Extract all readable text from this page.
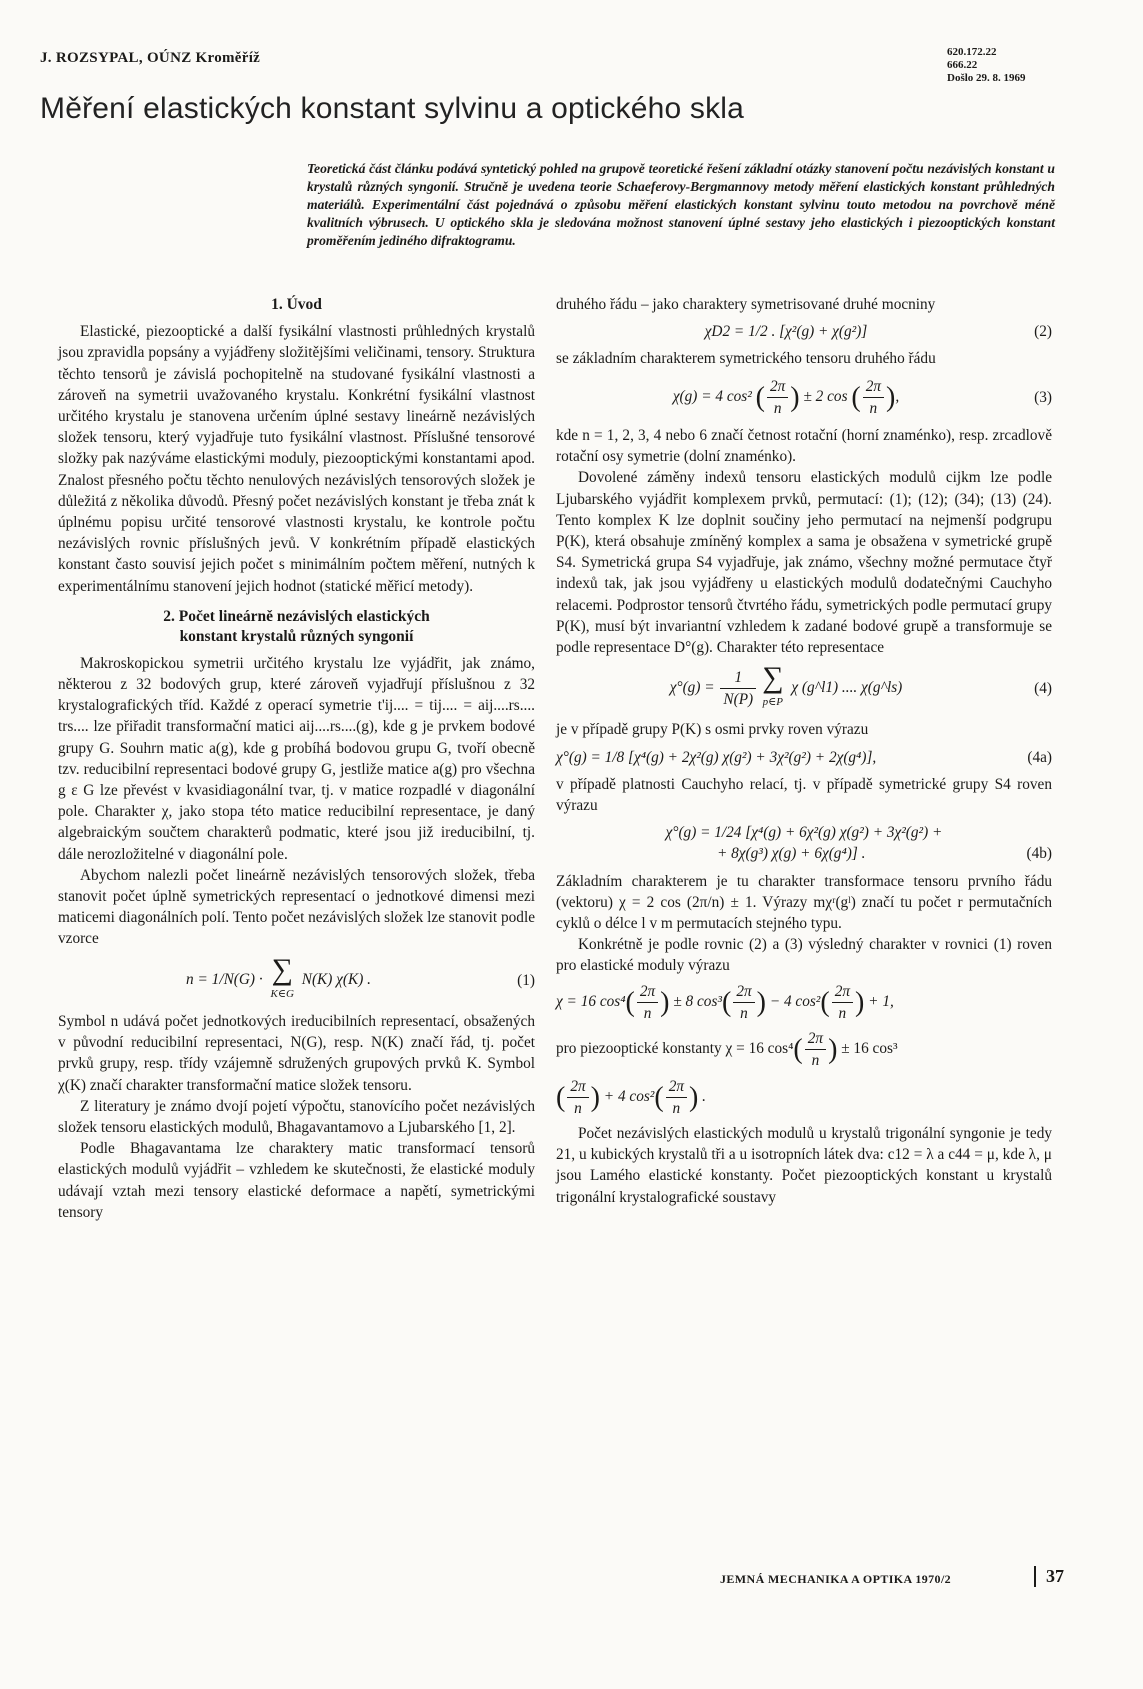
J. ROZSYPAL, OÚNZ Kroměříž	620.172.22
666.22
Došlo 29. 8. 1969
Měření elastických konstant sylvinu a optického skla
Teoretická část článku podává syntetický pohled na grupově teoretické řešení základní otázky stanovení počtu nezávislých konstant u krystalů různých syngonií. Stručně je uvedena teorie Schaeferovy-Bergmannovy metody měření elastických konstant průhledných materiálů. Experimentální část pojednává o způsobu měření elastických konstant sylvinu touto metodou na povrchově méně kvalitních výbrusech. U optického skla je sledována možnost stanovení úplné sestavy jeho elastických i piezooptických konstant proměřením jediného difraktogramu.
1. Úvod

Elastické, piezooptické a další fysikální vlastnosti průhledných krystalů jsou zpravidla popsány a vyjádřeny složitějšími veličinami, tensory. Struktura těchto tensorů je závislá pochopitelně na studované fysikální vlastnosti a zároveň na symetrii uvažovaného krystalu. Konkrétní fysikální vlastnost určitého krystalu je stanovena určením úplné sestavy lineárně nezávislých složek tensoru, který vyjadřuje tuto fysikální vlastnost. Příslušné tensorové složky pak nazýváme elastickými moduly, piezooptickými konstantami apod. Znalost přesného počtu těchto nenulových nezávislých tensorových složek je důležitá z několika důvodů. Přesný počet nezávislých konstant je třeba znát k úplnému popisu určité tensorové vlastnosti krystalu, ke kontrole počtu nezávislých rovnic příslušných jevů. V konkrétním případě elastických konstant často souvisí jejich počet s minimálním počtem měření, nutných k experimentálnímu stanovení jejich hodnot (statické měřicí metody).

2. Počet lineárně nezávislých elastických
konstant krystalů různých syngonií

Makroskopickou symetrii určitého krystalu lze vyjádřit, jak známo, některou z 32 bodových grup, které zároveň vyjadřují příslušnou z 32 krystalografických tříd. Každé z operací symetrie t'ij.... = tij.... = aij....rs.... trs.... lze přiřadit transformační matici aij....rs....(g), kde g je prvkem bodové grupy G. Souhrn matic a(g), kde g probíhá bodovou grupu G, tvoří obecně tzv. reducibilní representaci bodové grupy G, jestliže matice a(g) pro všechna g ε G lze převést v kvasidiagonální tvar, tj. v matice rozpadlé v diagonální pole. Charakter χ, jako stopa této matice reducibilní representace, je daný algebraickým součtem charakterů podmatic, které jsou již ireducibilní, tj. dále nerozložitelné v diagonální pole.

Abychom nalezli počet lineárně nezávislých tensorových složek, třeba stanovit počet úplně symetrických representací o jednotkové dimensi mezi maticemi diagonálních polí. Tento počet nezávislých složek lze stanovit podle vzorce

n = 1/N(G) · ∑
K∈G
N(K) χ(K) .	(1)

Symbol n udává počet jednotkových ireducibilních representací, obsažených v původní reducibilní representaci, N(G), resp. N(K) značí řád, tj. počet prvků grupy, resp. třídy vzájemně sdružených grupových prvků K. Symbol χ(K) značí charakter transformační matice složek tensoru.

Z literatury je známo dvojí pojetí výpočtu, stanovícího počet nezávislých složek tensoru elastických modulů, Bhagavantamovo a Ljubarského [1, 2].

Podle Bhagavantama lze charaktery matic transformací tensorů elastických modulů vyjádřit – vzhledem ke skutečnosti, že elastické moduly udávají vztah mezi tensory elastické deformace a napětí, symetrickými tensory

druhého řádu – jako charaktery symetrisované druhé mocniny

χD2 = 1/2 . [χ²(g) + χ(g²)]	(2)

se základním charakterem symetrického tensoru druhého řádu

χ(g) = 4 cos² ( $\frac{2\pi}{n}$ ) ± 2 cos ( $\frac{2\pi}{n}$ ),	(3)

kde n = 1, 2, 3, 4 nebo 6 značí četnost rotační (horní znaménko), resp. zrcadlově rotační osy symetrie (dolní znaménko).

Dovolené záměny indexů tensoru elastických modulů cijkm lze podle Ljubarského vyjádřit komplexem prvků, permutací: (1); (12); (34); (13) (24). Tento komplex K lze doplnit součiny jeho permutací na nejmenší podgrupu P(K), která obsahuje zmíněný komplex a sama je obsažena v symetrické grupě S4. Symetrická grupa S4 vyjadřuje, jak známo, všechny možné permutace čtyř indexů tak, jak jsou vyjádřeny u elastických modulů dodatečnými Cauchyho relacemi. Podprostor tensorů čtvrtého řádu, symetrických podle permutací grupy P(K), musí být invariantní vzhledem k zadané bodové grupě a transformuje se podle representace D°(g). Charakter této representace

$\chi^\circ(g) = \frac{1}{N(P)}$ ∑
p∈P
χ (g^l1) .... χ(g^ls)	(4)

je v případě grupy P(K) s osmi prvky roven výrazu

χ°(g) = 1/8 [χ⁴(g) + 2χ²(g) χ(g²) + 3χ²(g²) + 2χ(g⁴)],	(4a)

v případě platnosti Cauchyho relací, tj. v případě symetrické grupy S4 roven výrazu

χ°(g) = 1/24 [χ⁴(g) + 6χ²(g) χ(g²) + 3χ²(g²) +
+ 8χ(g³) χ(g) + 6χ(g⁴)] .	(4b)

Základním charakterem je tu charakter transformace tensoru prvního řádu (vektoru) χ = 2 cos (2π/n) ± 1. Výrazy mχʳ(gˡ) značí tu počet r permutačních cyklů o délce l v m permutacích stejného typu.

Konkrétně je podle rovnic (2) a (3) výsledný charakter v rovnici (1) roven pro elastické moduly výrazu

χ = 16 $\cos^4( \frac{2\pi}{n}$ ) ± 8 $\cos^3( \frac{2\pi}{n}$ ) − 4 $\cos^2( \frac{2\pi}{n}$ ) + 1,
pro piezooptické konstanty χ = 16 $\cos^4( \frac{2\pi}{n}$ ) ± 16 cos³
( $\frac{2\pi}{n}$ ) + 4 $\cos^2( \frac{2\pi}{n}$ ) .

Počet nezávislých elastických modulů u krystalů trigonální syngonie je tedy 21, u kubických krystalů tři a u isotropních látek dva: c12 = λ a c44 = μ, kde λ, μ jsou Laméhо elastické konstanty. Počet piezooptických konstant u krystalů trigonální krystalografické soustavy

JEMNÁ MECHANIKA A OPTIKA 1970/2	37
